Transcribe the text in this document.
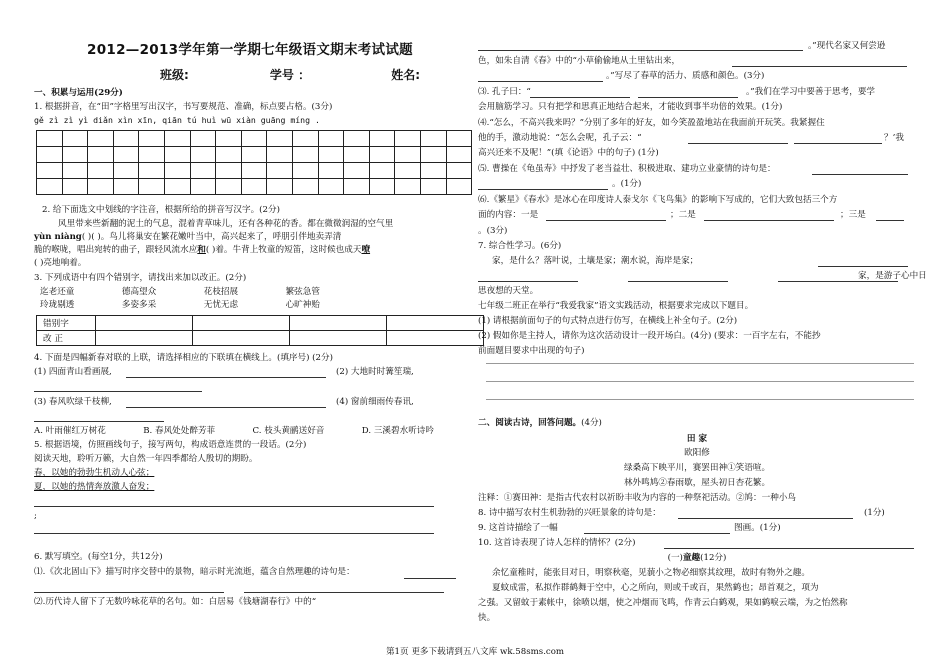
2012—2013学年第一学期七年级语文期末考试试题
班级:	学号 ：	姓名:
一、积累与运用(29分)
1. 根据拼音，在“田”字格里写出汉字，书写要规范、准确，标点要占格。(3分)
gě zì zì yì diǎn xìn xīn, qiān tú huì wū xiàn guāng míng .

2. 给下面选文中划线的字注音，根据所给的拼音写汉字。(2分)
风里带来些新翻的泥土的气息，混着青草味儿，还有各种花的香。都在微微润湿的空气里
yùn niàng( )( )。鸟儿将巢安在繁花嫩叶当中，高兴起来了，呼朋引伴地卖弄清
脆的喉咙，唱出宛转的曲子，跟轻风流水应和( )着。牛背上牧童的短笛，这时候也成天嘹
( )亮地响着。
3. 下列成语中有四个错别字，请找出来加以改正。(2分)
迄老还童	德高望众	花枝招展	繁弦急管
玲珑剔透	多姿多采	无忧无虑	心旷神贻
错别字				
改 正				
4. 下面是四幅新春对联的上联，请选择相应的下联填在横线上。(填序号) (2分)
(1) 四面青山看画展,	(2) 大地时时篝笙瑞,
(3) 春风吹绿千枝柳,	(4) 窗前细雨传春讯,
A. 叶雨催红万树花	B. 春风处处醉芳菲	C. 枝头黄鹂送好音	D. 三溪碧水听诗吟
5. 根据语境，仿照画线句子，接写两句，构成语意连贯的一段话。(2分)
阅读天地，聆听万籁，大自然一年四季都给人殷切的期盼。
春，以她的勃勃生机动人心弦；
夏，以她的热情奔放激人奋发；
;
6. 默写填空。(每空1分，共12分)
⑴.《次北固山下》描写时序交替中的景物，暗示时光流逝，蕴含自然理趣的诗句是：
⑵.历代诗人留下了无数吟咏花草的名句。如：白居易《钱塘湖春行》中的“
。”现代名家又何尝逊
色，如朱自清《春》中的“小草偷偷地从土里钻出来，
。”写尽了春草的活力、质感和颜色。(3分)
⑶. 孔子曰：“	。”我们在学习中要善于思考，要学
会用脑筋学习。只有把学和思真正地结合起来，才能收到事半功倍的效果。(1分)
⑷.“怎么，不高兴我来吗？”分别了多年的好友，如今笑盈盈地站在我面前开玩笑。我紧握住
他的手，激动地说：“怎么会呢，孔子云：“	？’我
高兴还来不及呢！”(填《论语》中的句子) (1分)
⑸. 曹操在《龟虽寿》中抒发了老当益壮、积极进取、建功立业豪情的诗句是：
。(1分)
⑹.《繁星》《春水》是冰心在印度诗人泰戈尔《飞鸟集》的影响下写成的，它们大致包括三个方
面的内容：一是	；二是	；三是
。(3分)
7. 综合性学习。(6分)
家，是什么？落叶说，土壤是家；潮水说，海岸是家；
家，是游子心中日
思夜想的天堂。
七年级二班正在举行“我爱我家”语文实践活动，根据要求完成以下题目。
(1) 请根据前面句子的句式特点进行仿写，在横线上补全句子。(2分)
(2) 假如你是主持人，请你为这次活动设计一段开场白。(4分) (要求：一百字左右，不能抄
前面题目要求中出现的句子)
二、阅读古诗，回答问题。(4分)
田 家
欧阳修
绿桑高下映平川，赛罢田神①笑语喧。
林外鸣鸠②春雨歇，屋头初日杏花繁。
注释：①赛田神：是指古代农村以祈盼丰收为内容的一种祭祀活动。②鸠：一种小鸟
8. 诗中描写农村生机勃勃的兴旺景象的诗句是：	(1分)
9. 这首诗描绘了一幅	图画。(1分)
10. 这首诗表现了诗人怎样的情怀？(2分)
(一)童趣(12分)
余忆童稚时，能张目对日，明察秋毫，见藐小之物必细察其纹理，故时有物外之趣。
夏蚊成雷，私拟作群鹤舞于空中，心之所向，则或千或百，果然鹤也；昂首观之，项为
之强。又留蚊于素帐中，徐喷以烟，使之冲烟而飞鸣，作青云白鹤观，果如鹤唳云端，为之怡然称
快。
第1页 更多下载请到五八文库 wk.58sms.com
